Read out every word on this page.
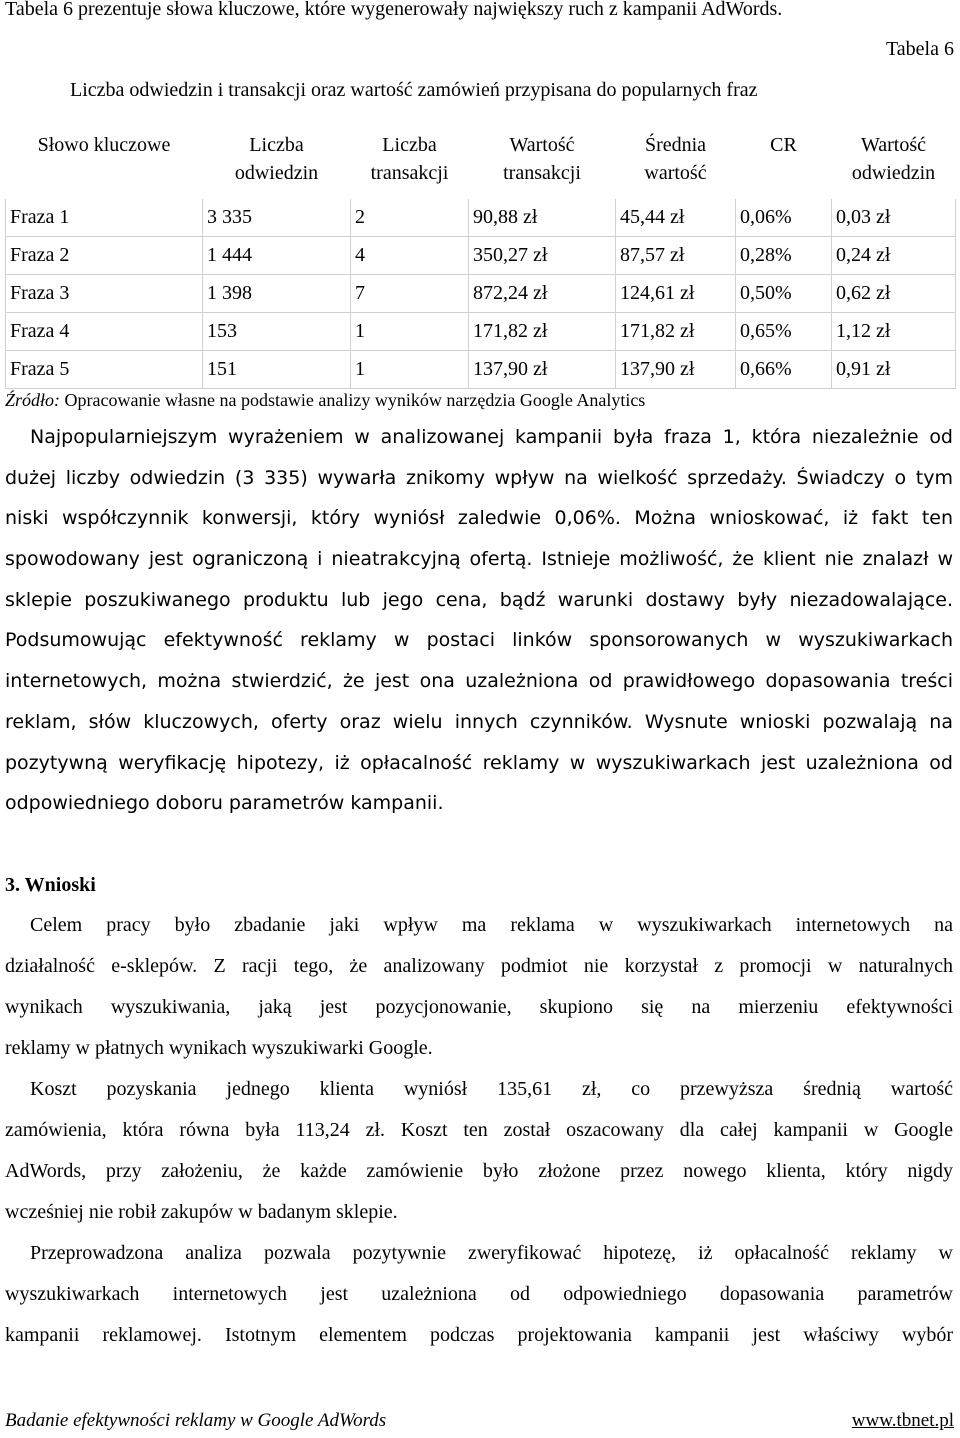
Tabela 6 prezentuje słowa kluczowe, które wygenerowały największy ruch z kampanii AdWords.
Tabela 6
Liczba odwiedzin i transakcji oraz wartość zamówień przypisana do popularnych fraz
Słowo kluczowe	Liczba	Liczba	Wartość	Średnia	CR	Wartość
	odwiedzin	transakcji	transakcji	wartość		odwiedzin
Fraza 1	3 335	2	90,88 zł	45,44 zł	0,06%	0,03 zł
Fraza 2	1 444	4	350,27 zł	87,57 zł	0,28%	0,24 zł
Fraza 3	1 398	7	872,24 zł	124,61 zł	0,50%	0,62 zł
Fraza 4	153	1	171,82 zł	171,82 zł	0,65%	1,12 zł
Fraza 5	151	1	137,90 zł	137,90 zł	0,66%	0,91 zł
Źródło: Opracowanie własne na podstawie analizy wyników narzędzia Google Analytics
Najpopularniejszym wyrażeniem w analizowanej kampanii była fraza 1, która niezależnie od
dużej liczby odwiedzin (3 335) wywarła znikomy wpływ na wielkość sprzedaży. Świadczy o tym
niski współczynnik konwersji, który wyniósł zaledwie 0,06%. Można wnioskować, iż fakt ten
spowodowany jest ograniczoną i nieatrakcyjną ofertą. Istnieje możliwość, że klient nie znalazł w
sklepie poszukiwanego produktu lub jego cena, bądź warunki dostawy były niezadowalające.
Podsumowując efektywność reklamy w postaci linków sponsorowanych w wyszukiwarkach
internetowych, można stwierdzić, że jest ona uzależniona od prawidłowego dopasowania treści
reklam, słów kluczowych, oferty oraz wielu innych czynników. Wysnute wnioski pozwalają na
pozytywną weryfikację hipotezy, iż opłacalność reklamy w wyszukiwarkach jest uzależniona od
odpowiedniego doboru parametrów kampanii.
3. Wnioski
Celem pracy było zbadanie jaki wpływ ma reklama w wyszukiwarkach internetowych na
działalność e-sklepów. Z racji tego, że analizowany podmiot nie korzystał z promocji w naturalnych
wynikach wyszukiwania, jaką jest pozycjonowanie, skupiono się na mierzeniu efektywności
reklamy w płatnych wynikach wyszukiwarki Google.
Koszt pozyskania jednego klienta wyniósł 135,61 zł, co przewyższa średnią wartość
zamówienia, która równa była 113,24 zł. Koszt ten został oszacowany dla całej kampanii w Google
AdWords, przy założeniu, że każde zamówienie było złożone przez nowego klienta, który nigdy
wcześniej nie robił zakupów w badanym sklepie.
Przeprowadzona analiza pozwala pozytywnie zweryfikować hipotezę, iż opłacalność reklamy w
wyszukiwarkach internetowych jest uzależniona od odpowiedniego dopasowania parametrów
kampanii reklamowej. Istotnym elementem podczas projektowania kampanii jest właściwy wybór
Badanie efektywności reklamy w Google AdWords	www.tbnet.pl
